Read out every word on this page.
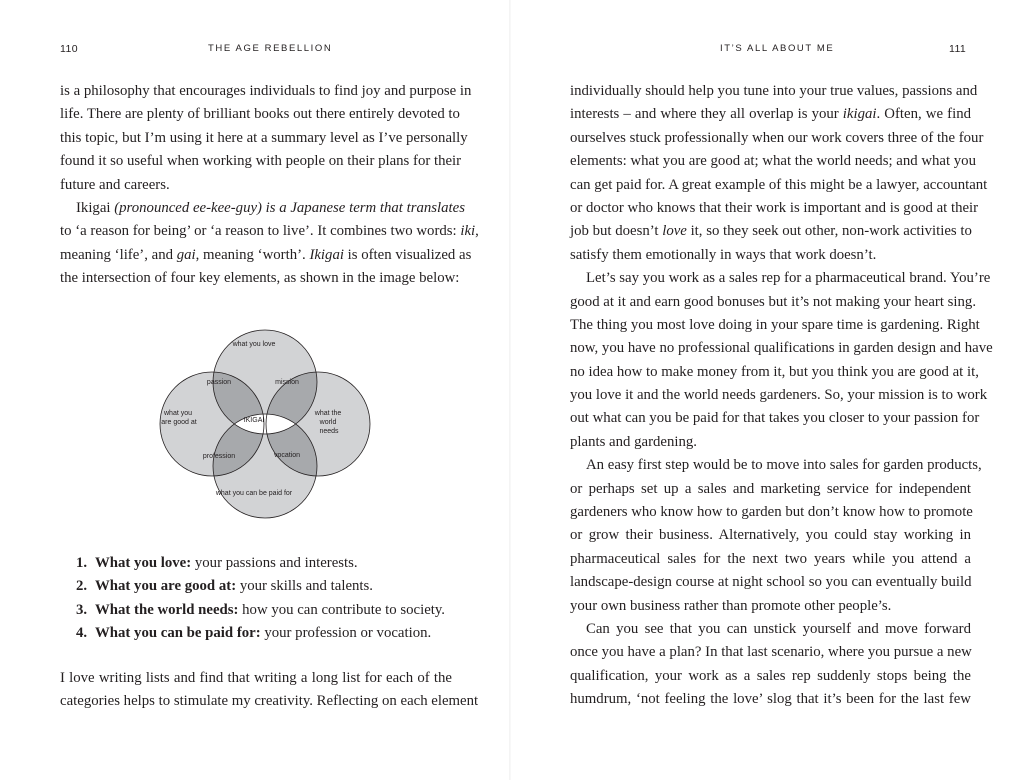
110	THE AGE REBELLION
is a philosophy that encourages individuals to find joy and purpose in
life. There are plenty of brilliant books out there entirely devoted to
this topic, but I’m using it here at a summary level as I’ve personally
found it so useful when working with people on their plans for their
future and careers.
Ikigai (pronounced ee-kee-guy) is a Japanese term that translates
to ‘a reason for being’ or ‘a reason to live’. It combines two words: iki,
meaning ‘life’, and gai, meaning ‘worth’. Ikigai is often visualized as
the intersection of four key elements, as shown in the image below:
what you love
what you are good at
what the world needs
what you can be paid for
passion	mission
profession	vocation
IKIGAI
1. What you love: your passions and interests.
2. What you are good at: your skills and talents.
3. What the world needs: how you can contribute to society.
4. What you can be paid for: your profession or vocation.
I love writing lists and find that writing a long list for each of the
categories helps to stimulate my creativity. Reflecting on each element
IT’S ALL ABOUT ME	111
individually should help you tune into your true values, passions and
interests – and where they all overlap is your ikigai. Often, we find
ourselves stuck professionally when our work covers three of the four
elements: what you are good at; what the world needs; and what you
can get paid for. A great example of this might be a lawyer, accountant
or doctor who knows that their work is important and is good at their
job but doesn’t love it, so they seek out other, non-work activities to
satisfy them emotionally in ways that work doesn’t.
Let’s say you work as a sales rep for a pharmaceutical brand. You’re
good at it and earn good bonuses but it’s not making your heart sing.
The thing you most love doing in your spare time is gardening. Right
now, you have no professional qualifications in garden design and have
no idea how to make money from it, but you think you are good at it,
you love it and the world needs gardeners. So, your mission is to work
out what can you be paid for that takes you closer to your passion for
plants and gardening.
An easy first step would be to move into sales for garden products,
or perhaps set up a sales and marketing service for independent
gardeners who know how to garden but don’t know how to promote
or grow their business. Alternatively, you could stay working in
pharmaceutical sales for the next two years while you attend a
landscape-design course at night school so you can eventually build
your own business rather than promote other people’s.
Can you see that you can unstick yourself and move forward
once you have a plan? In that last scenario, where you pursue a new
qualification, your work as a sales rep suddenly stops being the
humdrum, ‘not feeling the love’ slog that it’s been for the last few
